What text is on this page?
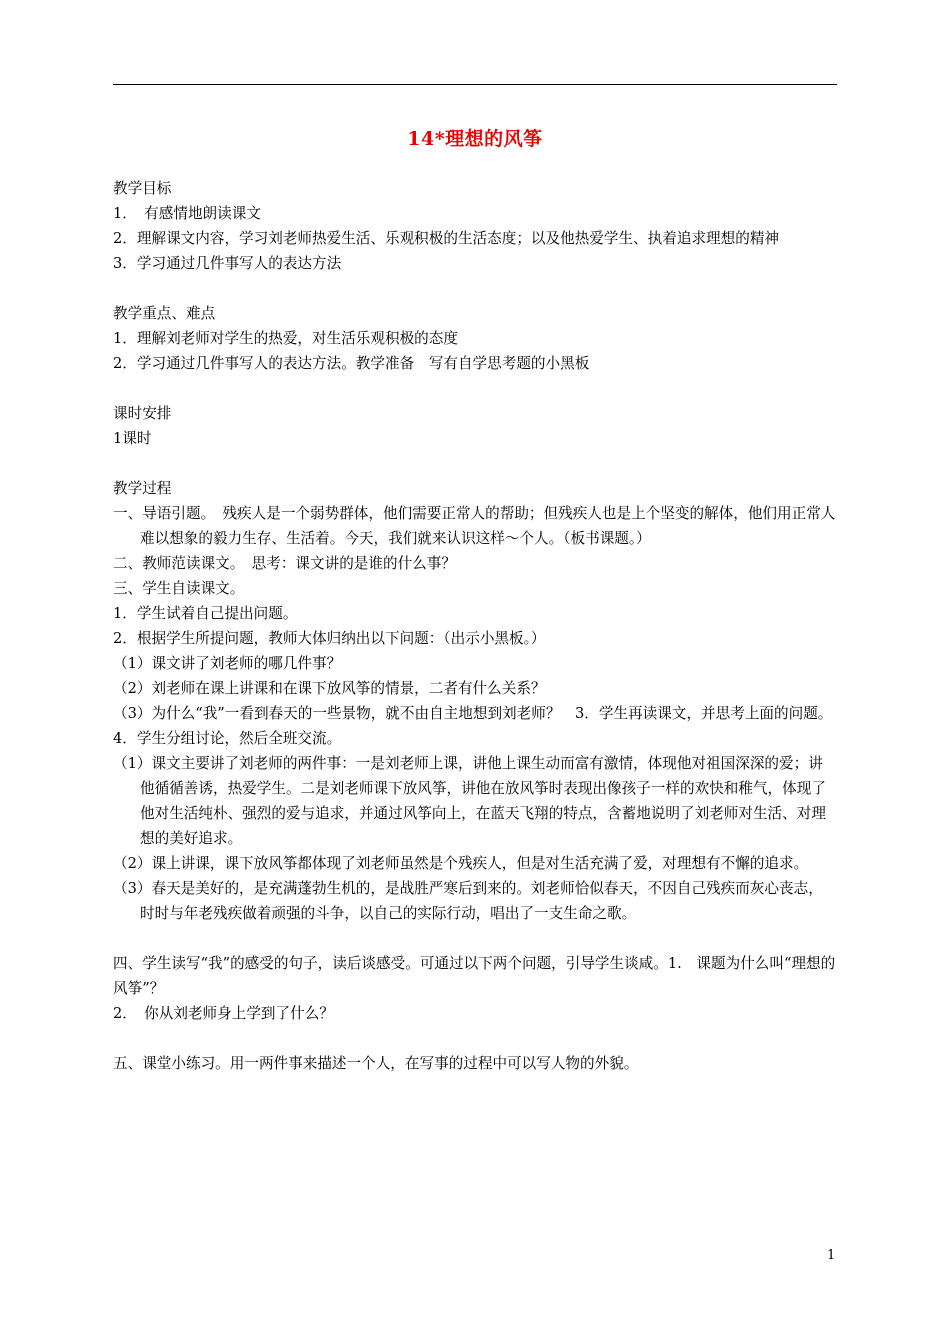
14*理想的风筝

教学目标

1．　有感情地朗读课文

2．理解课文内容，学习刘老师热爱生活、乐观积极的生活态度；以及他热爱学生、执着追求理想的精神

3．学习通过几件事写人的表达方法

教学重点、难点

1．理解刘老师对学生的热爱，对生活乐观积极的态度

2．学习通过几件事写人的表达方法。教学准备　写有自学思考题的小黑板

课时安排

1课时

教学过程

一、导语引题。　残疾人是一个弱势群体，他们需要正常人的帮助；但残疾人也是上个坚变的解体，他们用正常人难以想象的毅力生存、生活着。今天，我们就来认识这样～个人。（板书课题。）

二、教师范读课文。　思考：课文讲的是谁的什么事？

三、学生自读课文。

1．学生试着自己提出问题。

2．根据学生所提问题，教师大体归纳出以下问题：（出示小黑板。）

（1）课文讲了刘老师的哪几件事？

（2）刘老师在课上讲课和在课下放风筝的情景，二者有什么关系？

（3）为什么“我”一看到春天的一些景物，就不由自主地想到刘老师？　3．学生再读课文，并思考上面的问题。

4．学生分组讨论，然后全班交流。

（1）课文主要讲了刘老师的两件事：一是刘老师上课，讲他上课生动而富有激情，体现他对祖国深深的爱；讲他循循善诱，热爱学生。二是刘老师课下放风筝，讲他在放风筝时表现出像孩子一样的欢快和稚气，体现了他对生活纯朴、强烈的爱与追求，并通过风筝向上，在蓝天飞翔的特点，含蓄地说明了刘老师对生活、对理想的美好追求。

（2）课上讲课，课下放风筝都体现了刘老师虽然是个残疾人，但是对生活充满了爱，对理想有不懈的追求。

（3）春天是美好的，是充满蓬勃生机的，是战胜严寒后到来的。刘老师恰似春天，不因自己残疾而灰心丧志，时时与年老残疾做着顽强的斗争，以自己的实际行动，唱出了一支生命之歌。

四、学生读写“我”的感受的句子，读后谈感受。可通过以下两个问题，引导学生谈咸。1.　课题为什么叫“理想的风筝”？

2．　你从刘老师身上学到了什么？

五、课堂小练习。用一两件事来描述一个人，在写事的过程中可以写人物的外貌。

1
